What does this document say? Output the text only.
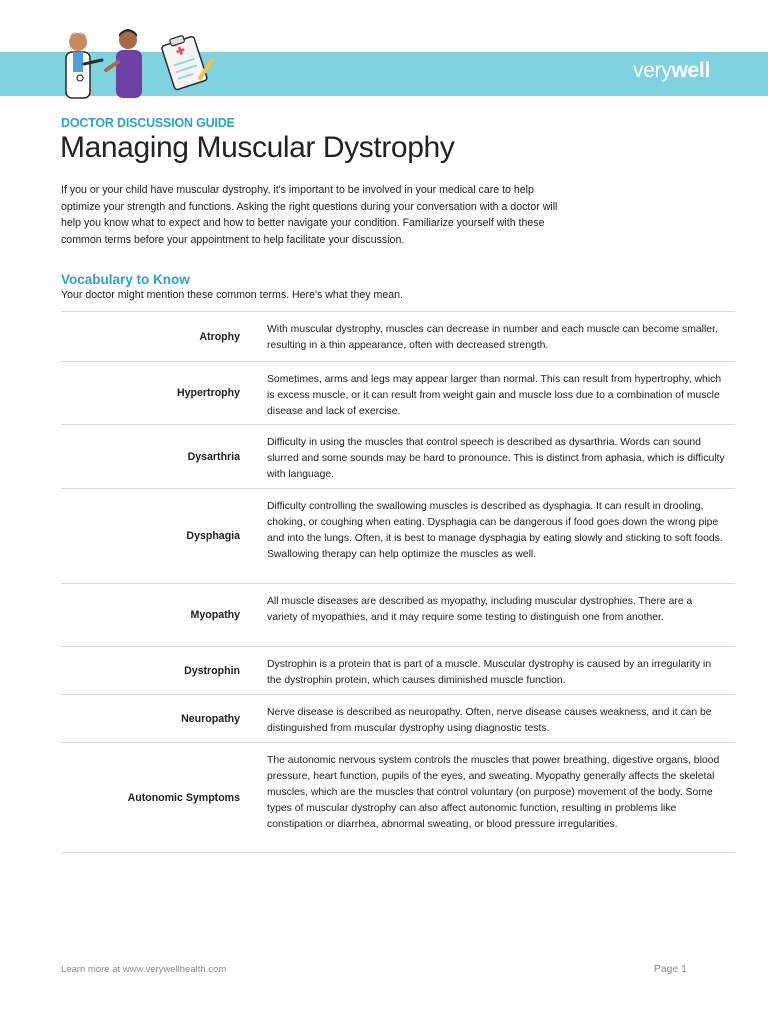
verywell
DOCTOR DISCUSSION GUIDE
Managing Muscular Dystrophy

If you or your child have muscular dystrophy, it's important to be involved in your medical care to help optimize your strength and functions. Asking the right questions during your conversation with a doctor will help you know what to expect and how to better navigate your condition. Familiarize yourself with these common terms before your appointment to help facilitate your discussion.

Vocabulary to Know

Your doctor might mention these common terms. Here's what they mean.

Atrophy
With muscular dystrophy, muscles can decrease in number and each muscle can become smaller, resulting in a thin appearance, often with decreased strength.
Hypertrophy
Sometimes, arms and legs may appear larger than normal. This can result from hypertrophy, which is excess muscle, or it can result from weight gain and muscle loss due to a combination of muscle disease and lack of exercise.
Dysarthria
Difficulty in using the muscles that control speech is described as dysarthria. Words can sound slurred and some sounds may be hard to pronounce. This is distinct from aphasia, which is difficulty with language.
Dysphagia
Difficulty controlling the swallowing muscles is described as dysphagia. It can result in drooling, choking, or coughing when eating. Dysphagia can be dangerous if food goes down the wrong pipe and into the lungs. Often, it is best to manage dysphagia by eating slowly and sticking to soft foods. Swallowing therapy can help optimize the muscles as well.
Myopathy
All muscle diseases are described as myopathy, including muscular dystrophies. There are a variety of myopathies, and it may require some testing to distinguish one from another.
Dystrophin	Dystrophin is a protein that is part of a muscle. Muscular dystrophy is caused by an irregularity in the dystrophin protein, which causes diminished muscle function.
Neuropathy	Nerve disease is described as neuropathy. Often, nerve disease causes weakness, and it can be distinguished from muscular dystrophy using diagnostic tests.
Autonomic Symptoms
The autonomic nervous system controls the muscles that power breathing, digestive organs, blood pressure, heart function, pupils of the eyes, and sweating. Myopathy generally affects the skeletal muscles, which are the muscles that control voluntary (on purpose) movement of the body. Some types of muscular dystrophy can also affect autonomic function, resulting in problems like constipation or diarrhea, abnormal sweating, or blood pressure irregularities.
Learn more at www.verywellhealth.com	Page 1
